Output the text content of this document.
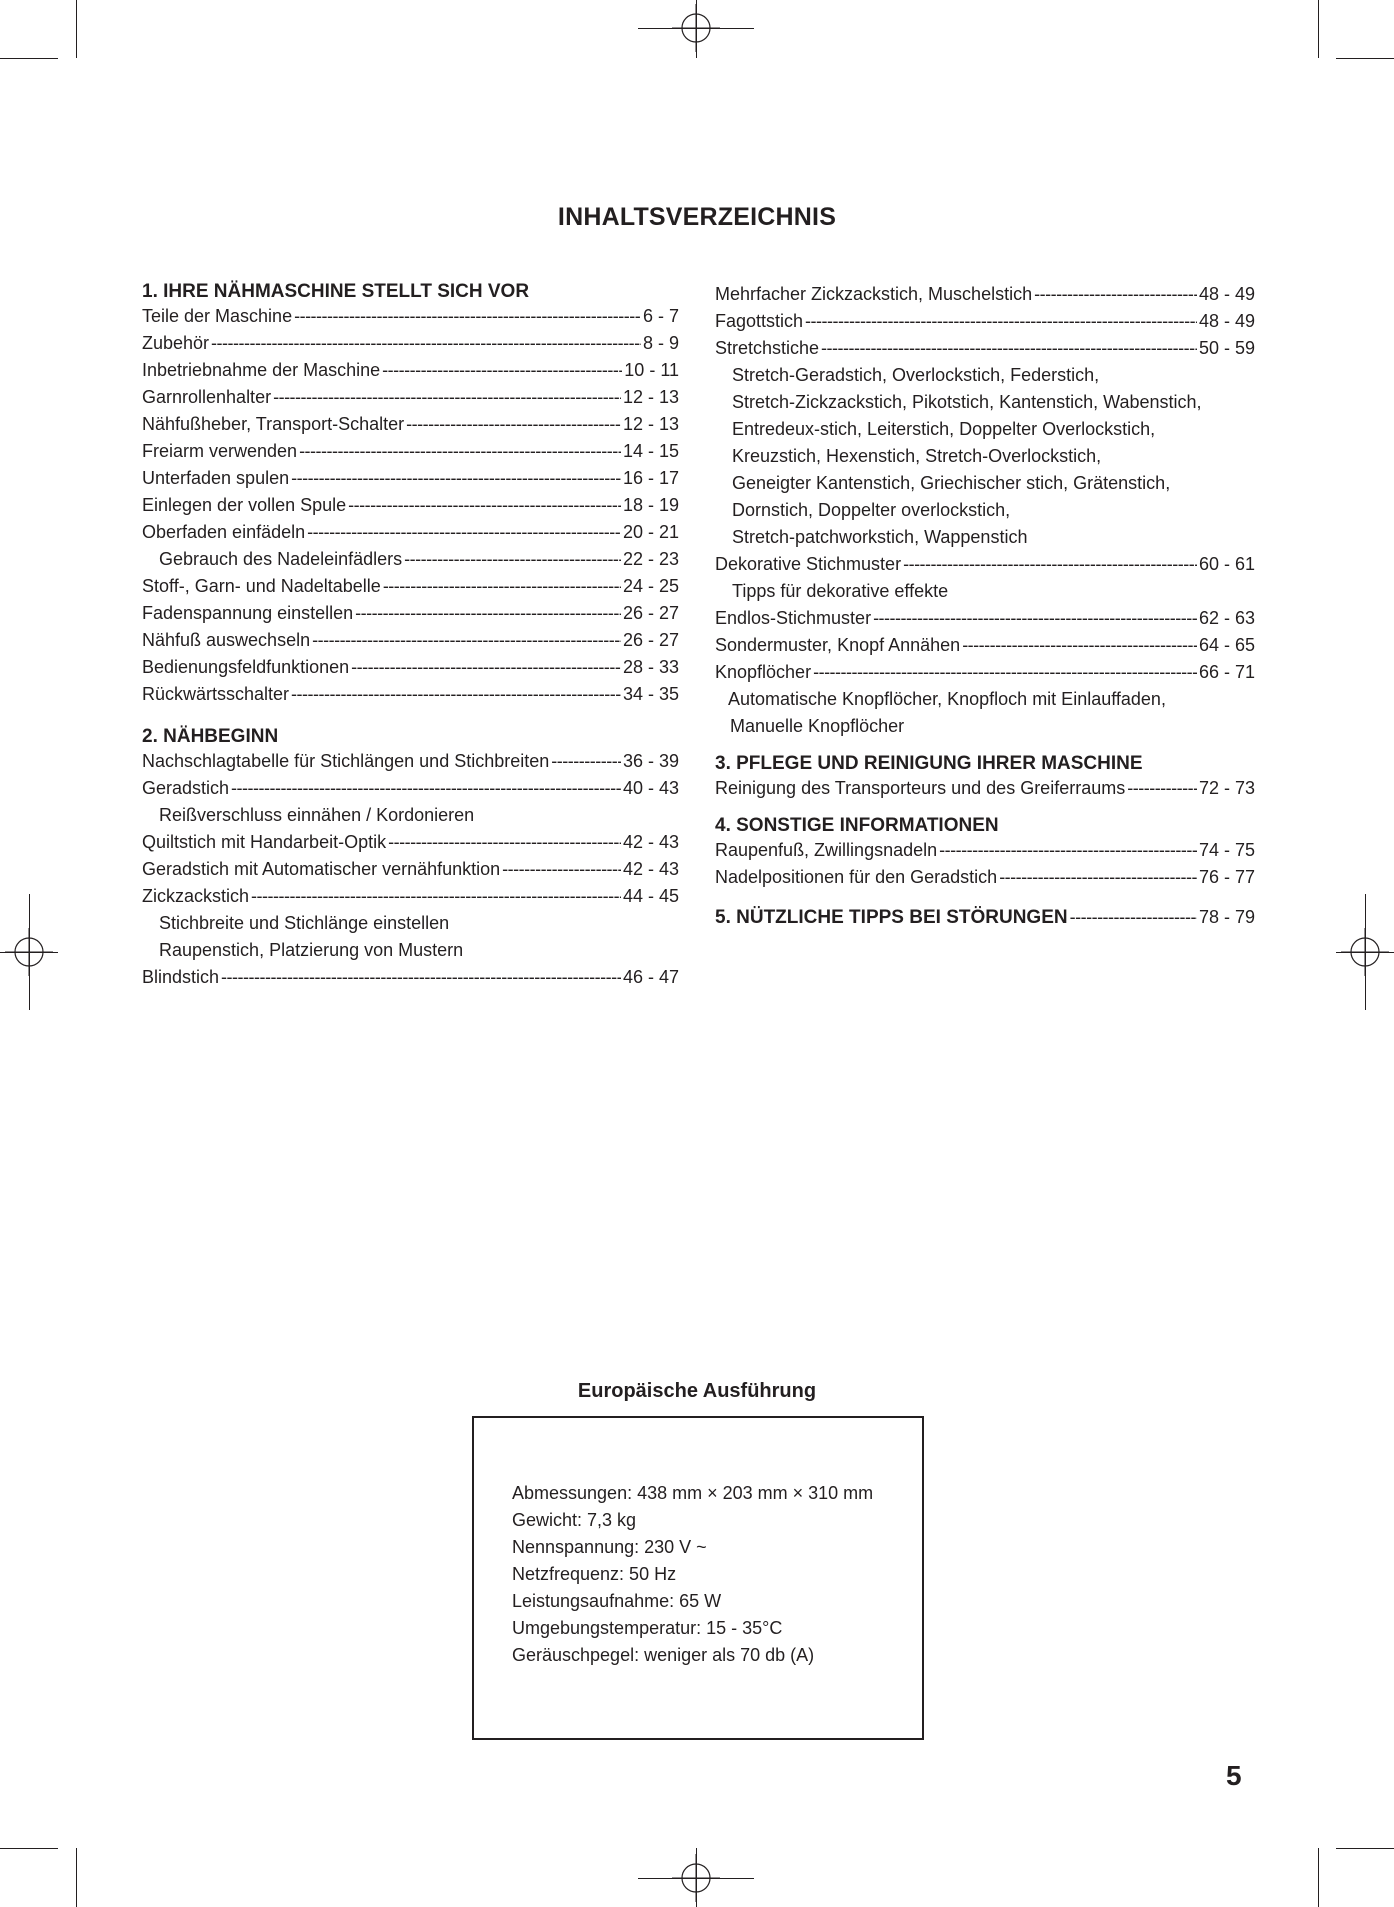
INHALTSVERZEICHNIS
1. IHRE NÄHMASCHINE STELLT SICH VOR
Teile der Maschine -----	6 - 7
Zubehör -----	8 - 9
Inbetriebnahme der Maschine -----	10 - 11
Garnrollenhalter -----	12 - 13
Nähfußheber, Transport-Schalter -----	12 - 13
Freiarm verwenden -----	14 - 15
Unterfaden spulen -----	16 - 17
Einlegen der vollen Spule -----	18 - 19
Oberfaden einfädeln -----	20 - 21
Gebrauch des Nadeleinfädlers -----	22 - 23
Stoff-, Garn- und Nadeltabelle -----	24 - 25
Fadenspannung einstellen -----	26 - 27
Nähfuß auswechseln -----	26 - 27
Bedienungsfeldfunktionen -----	28 - 33
Rückwärtsschalter -----	34 - 35
2. NÄHBEGINN
Nachschlagtabelle für Stichlängen und Stichbreiten -----	36 - 39
Geradstich -----	40 - 43
Reißverschluss einnähen / Kordonieren
Quiltstich mit Handarbeit-Optik -----	42 - 43
Geradstich mit Automatischer vernähfunktion -----	42 - 43
Zickzackstich -----	44 - 45
Stichbreite und Stichlänge einstellen
Raupenstich, Platzierung von Mustern
Blindstich -----	46 - 47
Mehrfacher Zickzackstich, Muschelstich -----	48 - 49
Fagottstich -----	48 - 49
Stretchstiche -----	50 - 59
Stretch-Geradstich, Overlockstich, Federstich,
Stretch-Zickzackstich, Pikotstich, Kantenstich, Wabenstich,
Entredeux-stich, Leiterstich, Doppelter Overlockstich,
Kreuzstich, Hexenstich, Stretch-Overlockstich,
Geneigter Kantenstich, Griechischer stich, Grätenstich,
Dornstich, Doppelter overlockstich,
Stretch-patchworkstich, Wappenstich
Dekorative Stichmuster -----	60 - 61
Tipps für dekorative effekte
Endlos-Stichmuster -----	62 - 63
Sondermuster, Knopf Annähen -----	64 - 65
Knopflöcher -----	66 - 71
Automatische Knopflöcher, Knopfloch mit Einlauffaden,
Manuelle Knopflöcher
3. PFLEGE UND REINIGUNG IHRER MASCHINE
Reinigung des Transporteurs und des Greiferraums -----	72 - 73
4. SONSTIGE INFORMATIONEN
Raupenfuß, Zwillingsnadeln -----	74 - 75
Nadelpositionen für den Geradstich -----	76 - 77
5. NÜTZLICHE TIPPS BEI STÖRUNGEN -----	78 - 79
Europäische Ausführung
Abmessungen: 438 mm × 203 mm × 310 mm
Gewicht: 7,3 kg
Nennspannung: 230 V ~
Netzfrequenz: 50 Hz
Leistungsaufnahme: 65 W
Umgebungstemperatur: 15 - 35°C
Geräuschpegel: weniger als 70 db (A)
5
